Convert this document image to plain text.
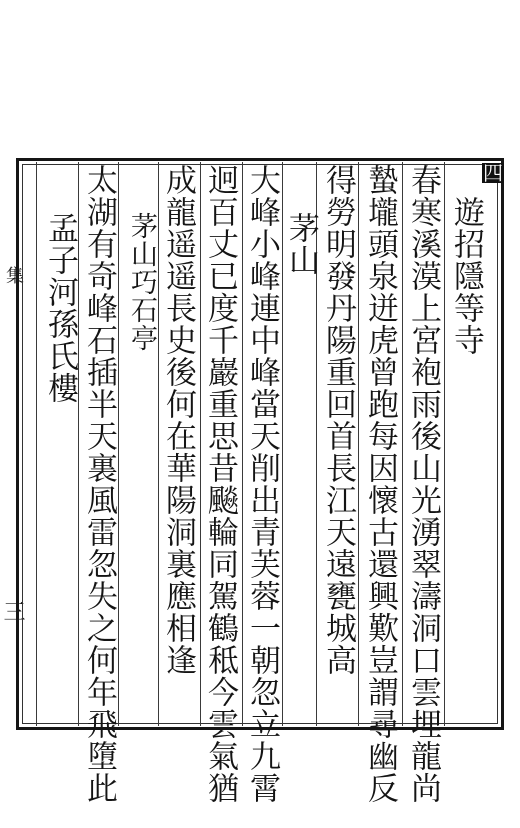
集
三
四
遊招隱等寺
春寒溪漠上宮袍雨後山光湧翠濤洞口雲埋龍尚
蟄壠頭泉迸虎曾跑每因懷古還興歎豈謂尋幽反
得勞明發丹陽重回首長江天遠甕城高
茅山
大峰小峰連中峰當天削出青芙蓉一朝忽立九霄
迥百丈已度千巖重思昔飈輪同駕鶴秪今雲氣猶
成龍遥遥長史後何在華陽洞裏應相逢
茅山巧石亭
太湖有奇峰石插半天裏風雷忽失之何年飛墮此
孟子河孫氏樓
